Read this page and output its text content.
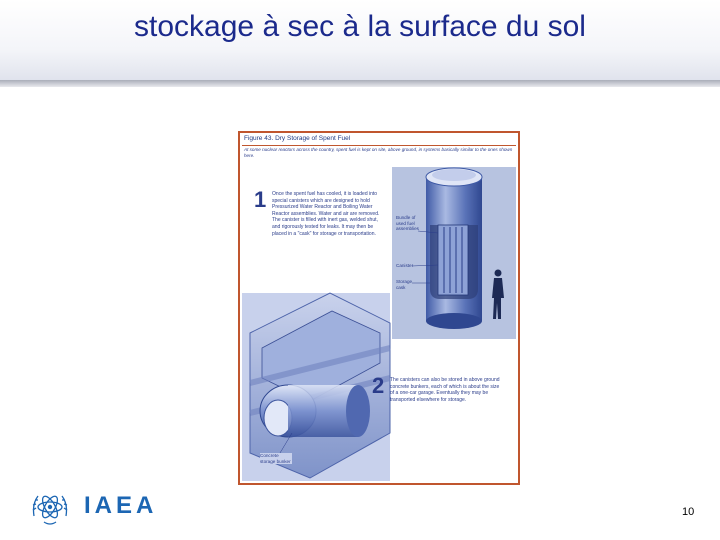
stockage à sec à la surface du sol
Figure 43. Dry Storage of Spent Fuel
At some nuclear reactors across the country, spent fuel is kept on site, above ground, in systems basically similar to the ones shown here.
1 Once the spent fuel has cooled, it is loaded into special canisters which are designed to hold Pressurized Water Reactor and Boiling Water Reactor assemblies. Water and air are removed. The canister is filled with inert gas, welded shut, and rigorously tested for leaks. It may then be placed in a "cask" for storage or transportation.
2 The canisters can also be stored in above ground concrete bunkers, each of which is about the size of a one-car garage. Eventually they may be transported elsewhere for storage.
Bundle of used fuel assemblies
Canister
Storage cask
Concrete storage bunker
IAEA	10
